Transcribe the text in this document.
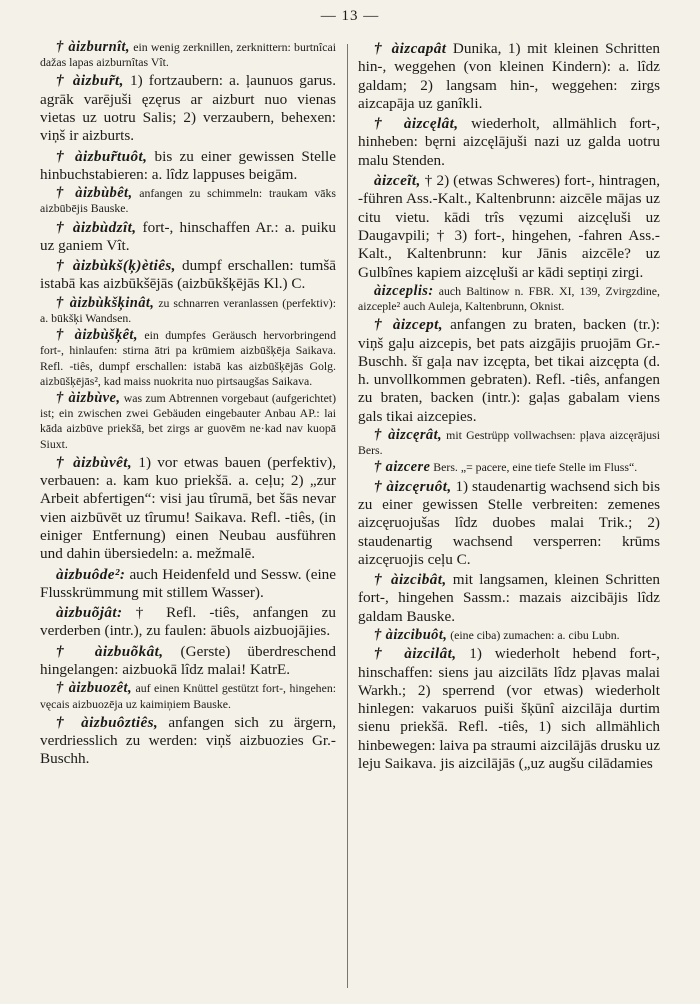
— 13 —

† àizburnît, ein wenig zerknillen, zerknittern: burtnîcai dažas lapas aizburnîtas Vît.

† àizbur̃t, 1) fortzaubern: a. ļaunuos garus. agrāk varējuši ęzęrus ar aizburt nuo vienas vietas uz uotru Salis; 2) verzaubern, behexen: viņš ir aizburts.

† àizbur̃tuôt, bis zu einer gewissen Stelle hinbuchstabieren: a. lîdz lappuses beigām.

† àizbùbêt, anfangen zu schimmeln: traukam vāks aizbūbējis Bauske.

† àizbùdzît, fort-, hinschaffen Ar.: a. puiku uz ganiem Vît.

† àizbùkš(ķ)ètiês, dumpf erschallen: tumšā istabā kas aizbūkšējās (aizbūkšķējās Kl.) C.

† àizbùkšķinât, zu schnarren veranlassen (perfektiv): a. būkšķi Wandsen.

† àizbùšķêt, ein dumpfes Geräusch hervorbringend fort-, hinlaufen: stirna ātri pa krūmiem aizbūšķēja Saikava. Refl. -tiês, dumpf erschallen: istabā kas aizbūšķējās Golg. aizbūšķējās², kad maiss nuokrita nuo pirtsaugšas Saikava.

† àizbùve, was zum Abtrennen vorgebaut (aufgerichtet) ist; ein zwischen zwei Gebäuden eingebauter Anbau AP.: lai kāda aizbūve priekšā, bet zirgs ar guovēm ne·kad nav kuopā Siuxt.

† àizbùvêt, 1) vor etwas bauen (perfektiv), verbauen: a. kam kuo priekšā. a. ceļu; 2) „zur Arbeit abfertigen“: visi jau tîrumā, bet šās nevar vien aizbūvēt uz tîrumu! Saikava. Refl. -tiês, (in einiger Entfernung) einen Neubau ausführen und dahin übersiedeln: a. mežmalē.

àizbuôde²: auch Heidenfeld und Sessw. (eine Flusskrümmung mit stillem Wasser).

àizbuõjât: † Refl. -tiês, anfangen zu verderben (intr.), zu faulen: ābuols aizbuojājies.

† àizbuõkât, (Gerste) überdreschend hingelangen: aizbuokā lîdz malai! KatrE.

† àizbuozêt, auf einen Knüttel gestützt fort-, hingehen: vęcais aizbuozēja uz kaimiņiem Bauske.

† àizbuôztiês, anfangen sich zu ärgern, verdriesslich zu werden: viņš aizbuozies Gr.-Buschh.

† àizcapât Dunika, 1) mit kleinen Schritten hin-, weggehen (von kleinen Kindern): a. lîdz galdam; 2) langsam hin-, weggehen: zirgs aizcapāja uz ganîkli.

† àizcęlât, wiederholt, allmählich fort-, hinheben: bęrni aizcęlājuši nazi uz galda uotru malu Stenden.

àizceĩt, † 2) (etwas Schweres) fort-, hintragen, -führen Ass.-Kalt., Kaltenbrunn: aizcēle mājas uz citu vietu. kādi trîs vęzumi aizcęluši uz Daugavpili; † 3) fort-, hingehen, -fahren Ass.-Kalt., Kaltenbrunn: kur Jānis aizcēle? uz Gulbînes kapiem aizcęluši ar kādi septiņi zirgi.

àizceplis: auch Baltinow n. FBR. XI, 139, Zvirgzdine, aizceple² auch Auleja, Kaltenbrunn, Oknist.

† àizcept, anfangen zu braten, backen (tr.): viņš gaļu aizcepis, bet pats aizgājis pruojām Gr.-Buschh. šī gaļa nav izcępta, bet tikai aizcępta (d. h. unvollkommen gebraten). Refl. -tiês, anfangen zu braten, backen (intr.): gaļas gabalam viens gals tikai aizcepies.

† àizcęrât, mit Gestrüpp vollwachsen: pļava aizcęrājusi Bers.

† aizcere Bers. „= pacere, eine tiefe Stelle im Fluss“.

† àizcęruôt, 1) staudenartig wachsend sich bis zu einer gewissen Stelle verbreiten: zemenes aizcęruojušas lîdz duobes malai Trik.; 2) staudenartig wachsend versperren: krūms aizcęruojis ceļu C.

† àizcibât, mit langsamen, kleinen Schritten fort-, hingehen Sassm.: mazais aizcibājis lîdz galdam Bauske.

† àizcibuôt, (eine ciba) zumachen: a. cibu Lubn.

† àizcilât, 1) wiederholt hebend fort-, hinschaffen: siens jau aizcilāts lîdz pļavas malai Warkh.; 2) sperrend (vor etwas) wiederholt hinlegen: vakaruos puiši šķūnî aizcilāja durtim sienu priekšā. Refl. -tiês, 1) sich allmählich hinbewegen: laiva pa straumi aizcilājās drusku uz leju Saikava. jis aizcilājās („uz augšu cilādamies
